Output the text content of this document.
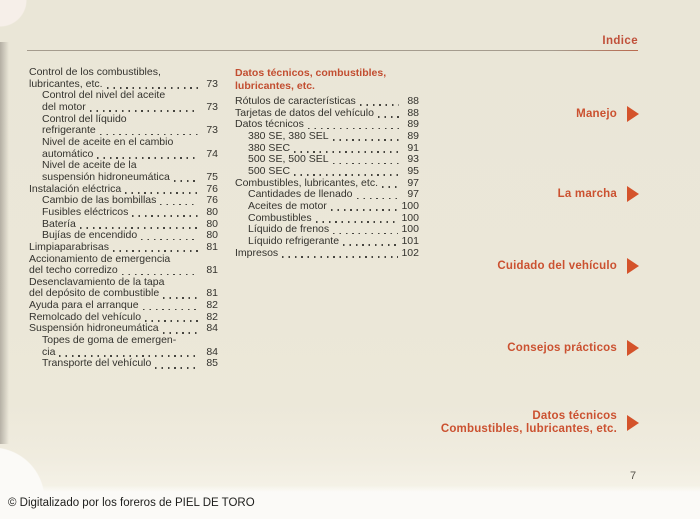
Indice
Control de los combustibles,
lubricantes, etc.	73
Control del nivel del aceite
del motor	73
Control del líquido
refrigerante	73
Nivel de aceite en el cambio
automático	74
Nivel de aceite de la
suspensión hidroneumática	75
Instalación eléctrica	76
Cambio de las bombillas	76
Fusibles eléctricos	80
Batería	80
Bujías de encendido	80
Limpiaparabrisas	81
Accionamiento de emergencia
del techo corredizo	81
Desenclavamiento de la tapa
del depósito de combustible	81
Ayuda para el arranque	82
Remolcado del vehículo	82
Suspensión hidroneumática	84
Topes de goma de emergen-
cia	84
Transporte del vehículo	85
Datos técnicos, combustibles,
lubricantes, etc.
Rótulos de características	88
Tarjetas de datos del vehículo	88
Datos técnicos	89
380 SE, 380 SEL	89
380 SEC	91
500 SE, 500 SEL	93
500 SEC	95
Combustibles, lubricantes, etc.	97
Cantidades de llenado	97
Aceites de motor	100
Combustibles	100
Líquido de frenos	100
Líquido refrigerante	101
Impresos	102
Manejo
La marcha
Cuidado del vehículo
Consejos prácticos
Datos técnicos
Combustibles, lubricantes, etc.
7
© Digitalizado por los foreros de PIEL DE TORO
